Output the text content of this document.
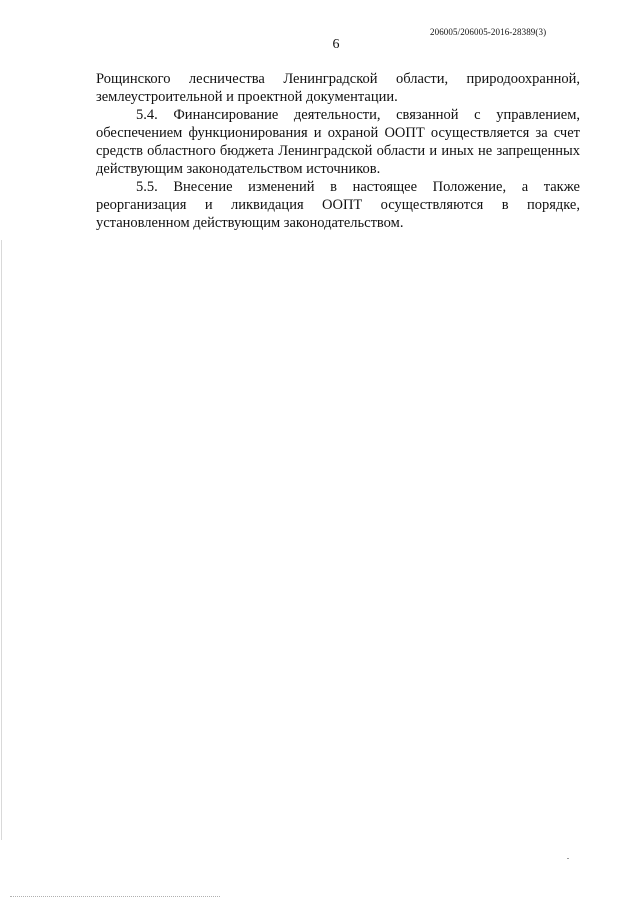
206005/206005-2016-28389(3)
6

Рощинского лесничества Ленинградской области, природоохранной, землеустроительной и проектной документации.

5.4. Финансирование деятельности, связанной с управлением, обеспечением функционирования и охраной ООПТ осуществляется за счет средств областного бюджета Ленинградской области и иных не запрещенных действующим законодательством источников.

5.5. Внесение изменений в настоящее Положение, а также реорганизация и ликвидация ООПТ осуществляются в порядке, установленном действующим законодательством.
